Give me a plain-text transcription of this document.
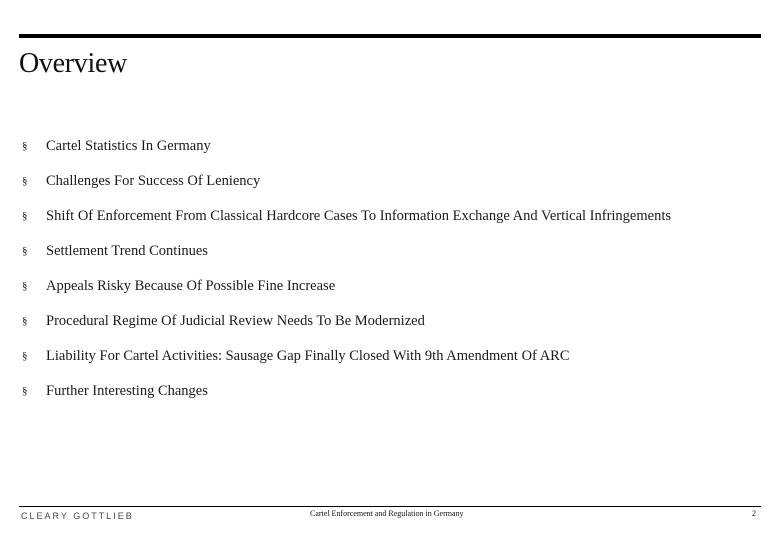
Overview
§	Cartel Statistics In Germany
§	Challenges For Success Of Leniency
§	Shift Of Enforcement From Classical Hardcore Cases To Information Exchange And Vertical Infringements
§	Settlement Trend Continues
§	Appeals Risky Because Of Possible Fine Increase
§	Procedural Regime Of Judicial Review Needs To Be Modernized
§	Liability For Cartel Activities: Sausage Gap Finally Closed With 9th Amendment Of ARC
§	Further Interesting Changes
CLEARY GOTTLIEB	Cartel Enforcement and Regulation in Germany	2
